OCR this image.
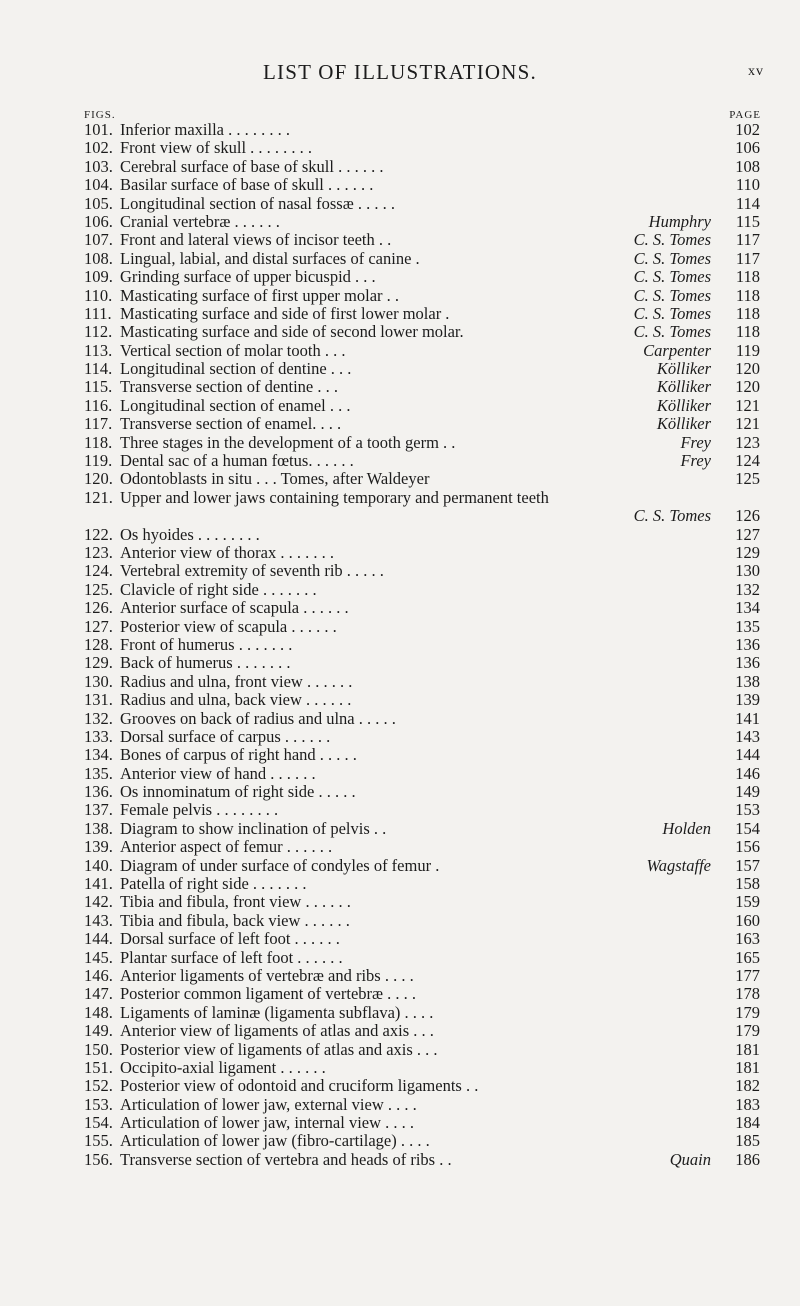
LIST OF ILLUSTRATIONS.	xv
FIGS.	PAGE
101. Inferior maxilla . . . . . . . .	102
102. Front view of skull . . . . . . . .	106
103. Cerebral surface of base of skull . . . . . .	108
104. Basilar surface of base of skull . . . . . .	110
105. Longitudinal section of nasal fossæ . . . . .	114
106. Cranial vertebræ . . . . . .	Humphry 115
107. Front and lateral views of incisor teeth . .	C. S. Tomes 117
108. Lingual, labial, and distal surfaces of canine .	C. S. Tomes 117
109. Grinding surface of upper bicuspid . . .	C. S. Tomes 118
110. Masticating surface of first upper molar . .	C. S. Tomes 118
111. Masticating surface and side of first lower molar .	C. S. Tomes 118
112. Masticating surface and side of second lower molar.	C. S. Tomes 118
113. Vertical section of molar tooth . . .	Carpenter 119
114. Longitudinal section of dentine . . .	Kölliker 120
115. Transverse section of dentine . . .	Kölliker 120
116. Longitudinal section of enamel . . .	Kölliker 121
117. Transverse section of enamel. . . .	Kölliker 121
118. Three stages in the development of a tooth germ . .	Frey 123
119. Dental sac of a human fœtus. . . . . .	Frey 124
120. Odontoblasts in situ . . . Tomes, after Waldeyer	125
121. Upper and lower jaws containing temporary and permanent teeth
C. S. Tomes 126
122. Os hyoides . . . . . . . .	127
123. Anterior view of thorax . . . . . . .	129
124. Vertebral extremity of seventh rib . . . . .	130
125. Clavicle of right side . . . . . . .	132
126. Anterior surface of scapula . . . . . .	134
127. Posterior view of scapula . . . . . .	135
128. Front of humerus . . . . . . .	136
129. Back of humerus . . . . . . .	136
130. Radius and ulna, front view . . . . . .	138
131. Radius and ulna, back view . . . . . .	139
132. Grooves on back of radius and ulna . . . . .	141
133. Dorsal surface of carpus . . . . . .	143
134. Bones of carpus of right hand . . . . .	144
135. Anterior view of hand . . . . . .	146
136. Os innominatum of right side . . . . .	149
137. Female pelvis . . . . . . . .	153
138. Diagram to show inclination of pelvis . .	Holden 154
139. Anterior aspect of femur . . . . . .	156
140. Diagram of under surface of condyles of femur .	Wagstaffe 157
141. Patella of right side . . . . . . .	158
142. Tibia and fibula, front view . . . . . .	159
143. Tibia and fibula, back view . . . . . .	160
144. Dorsal surface of left foot . . . . . .	163
145. Plantar surface of left foot . . . . . .	165
146. Anterior ligaments of vertebræ and ribs . . . .	177
147. Posterior common ligament of vertebræ . . . .	178
148. Ligaments of laminæ (ligamenta subflava) . . . .	179
149. Anterior view of ligaments of atlas and axis . . .	179
150. Posterior view of ligaments of atlas and axis . . .	181
151. Occipito-axial ligament . . . . . .	181
152. Posterior view of odontoid and cruciform ligaments . .	182
153. Articulation of lower jaw, external view . . . .	183
154. Articulation of lower jaw, internal view . . . .	184
155. Articulation of lower jaw (fibro-cartilage) . . . .	185
156. Transverse section of vertebra and heads of ribs . .	Quain 186
